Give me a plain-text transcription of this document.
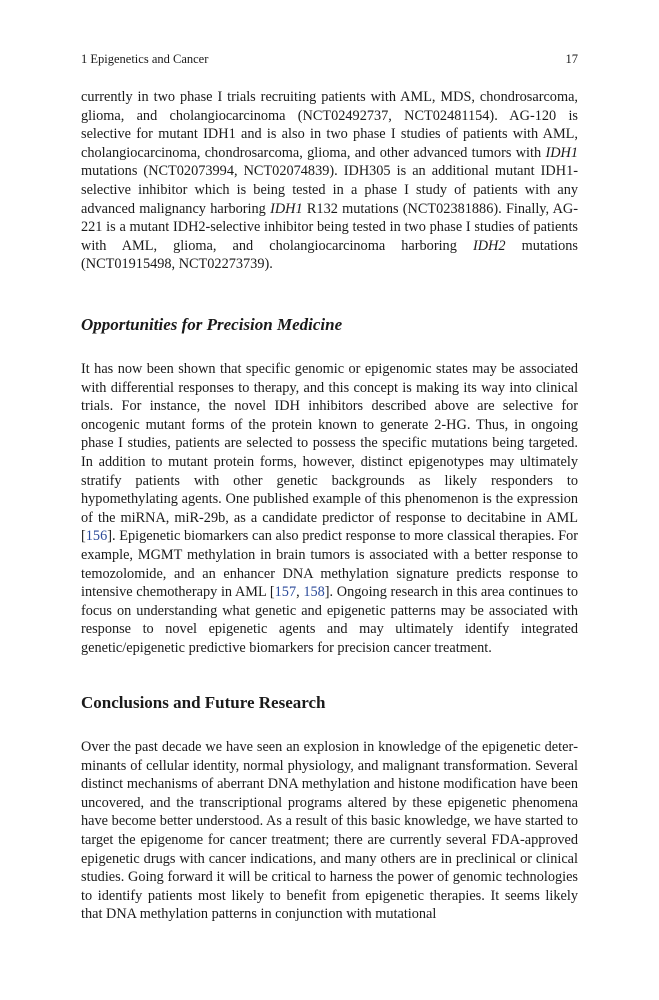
1 Epigenetics and Cancer	17

currently in two phase I trials recruiting patients with AML, MDS, chondrosarcoma, glioma, and cholangiocarcinoma (NCT02492737, NCT02481154). AG-120 is selective for mutant IDH1 and is also in two phase I studies of patients with AML, cholangiocarcinoma, chondrosarcoma, glioma, and other advanced tumors with IDH1 mutations (NCT02073994, NCT02074839). IDH305 is an additional mutant IDH1-selective inhibitor which is being tested in a phase I study of patients with any advanced malignancy harboring IDH1 R132 mutations (NCT02381886). Finally, AG-221 is a mutant IDH2-selective inhibitor being tested in two phase I studies of patients with AML, glioma, and cholangiocarcinoma harboring IDH2 mutations (NCT01915498, NCT02273739).

Opportunities for Precision Medicine

It has now been shown that specific genomic or epigenomic states may be associated with differential responses to therapy, and this concept is making its way into clinical trials. For instance, the novel IDH inhibitors described above are selective for oncogenic mutant forms of the protein known to generate 2-HG. Thus, in ongoing phase I studies, patients are selected to possess the specific mutations being targeted. In addition to mutant protein forms, however, distinct epigenotypes may ultimately stratify patients with other genetic backgrounds as likely responders to hypomethylating agents. One published example of this phenomenon is the expression of the miRNA, miR-29b, as a candidate predictor of response to decitabine in AML [156]. Epigenetic biomarkers can also predict response to more classical therapies. For example, MGMT methylation in brain tumors is associated with a better response to temozolomide, and an enhancer DNA methylation signature predicts response to intensive chemotherapy in AML [157, 158]. Ongoing research in this area continues to focus on understanding what genetic and epigenetic patterns may be associated with response to novel epigenetic agents and may ultimately identify integrated genetic/epigenetic predictive biomarkers for precision cancer treatment.

Conclusions and Future Research

Over the past decade we have seen an explosion in knowledge of the epigenetic determinants of cellular identity, normal physiology, and malignant transformation. Several distinct mechanisms of aberrant DNA methylation and histone modification have been uncovered, and the transcriptional programs altered by these epigenetic phenomena have become better understood. As a result of this basic knowledge, we have started to target the epigenome for cancer treatment; there are currently several FDA-approved epigenetic drugs with cancer indications, and many others are in preclinical or clinical studies. Going forward it will be critical to harness the power of genomic technologies to identify patients most likely to benefit from epigenetic therapies. It seems likely that DNA methylation patterns in conjunction with mutational
